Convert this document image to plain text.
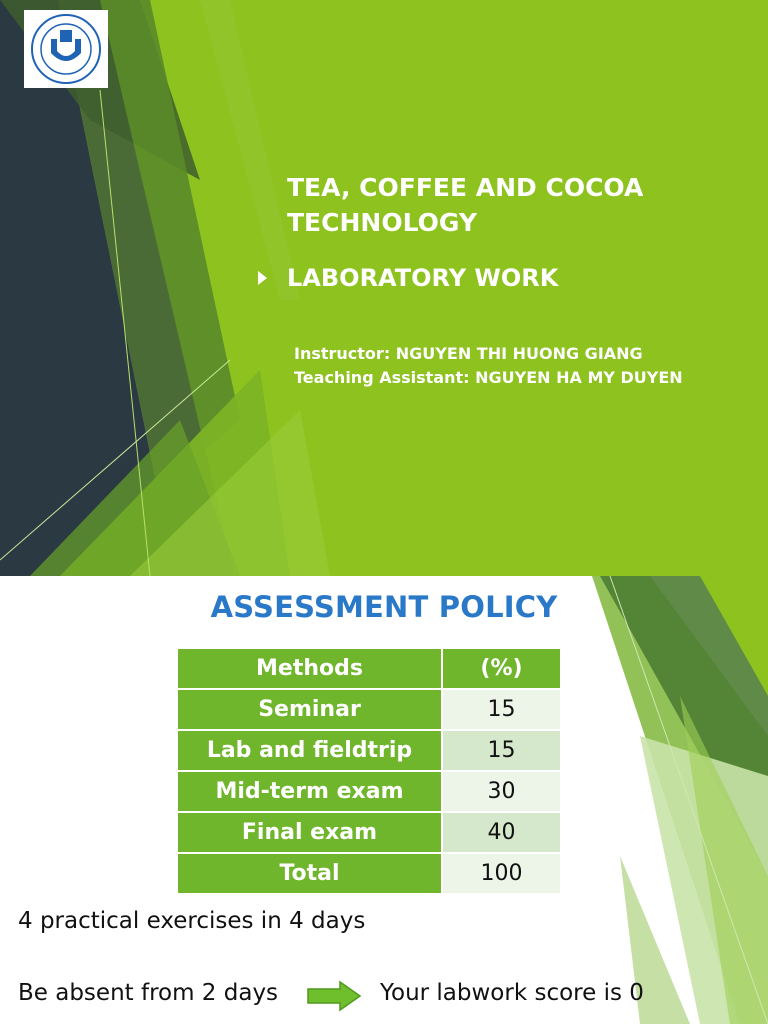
TEA, COFFEE AND COCOA
TECHNOLOGY
LABORATORY WORK
Instructor: NGUYEN THI HUONG GIANG
Teaching Assistant: NGUYEN HA MY DUYEN
ASSESSMENT POLICY
Methods	(%)
Seminar	15
Lab and fieldtrip	15
Mid-term exam	30
Final exam	40
Total	100
4 practical exercises in 4 days
Be absent from 2 days	Your labwork score is 0
